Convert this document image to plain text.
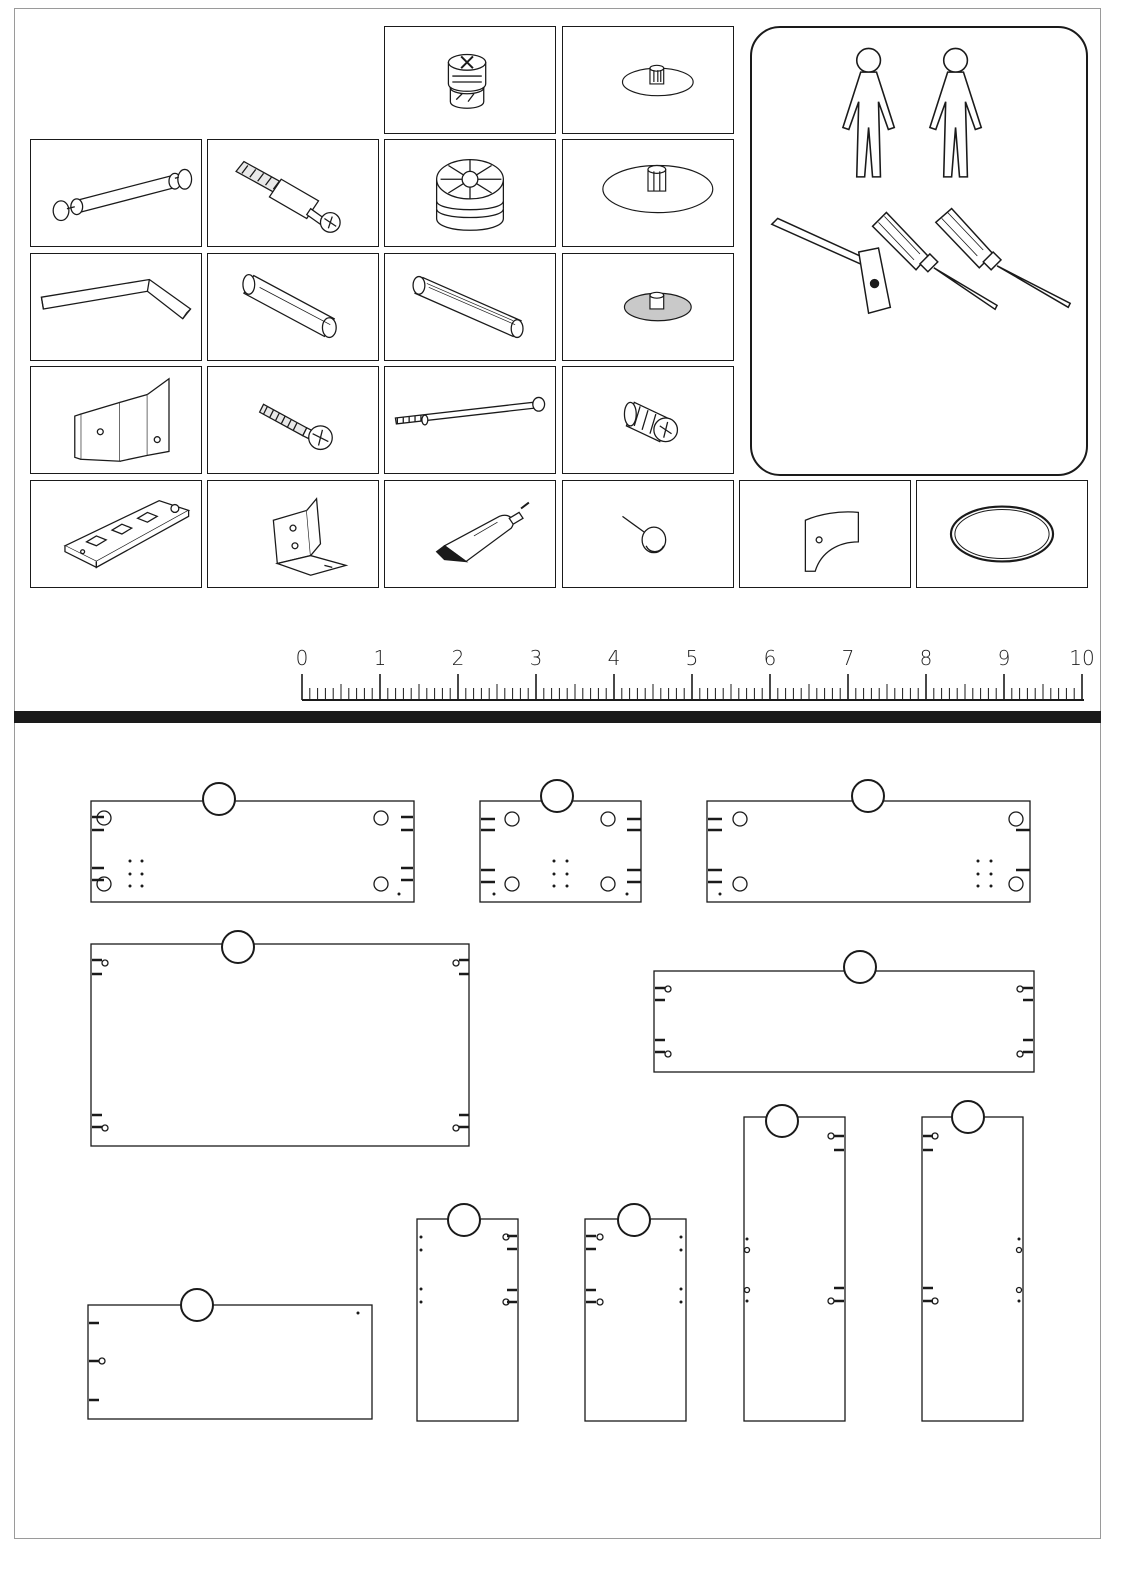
0	1	2	3	4	5	6	7	8	9	10
